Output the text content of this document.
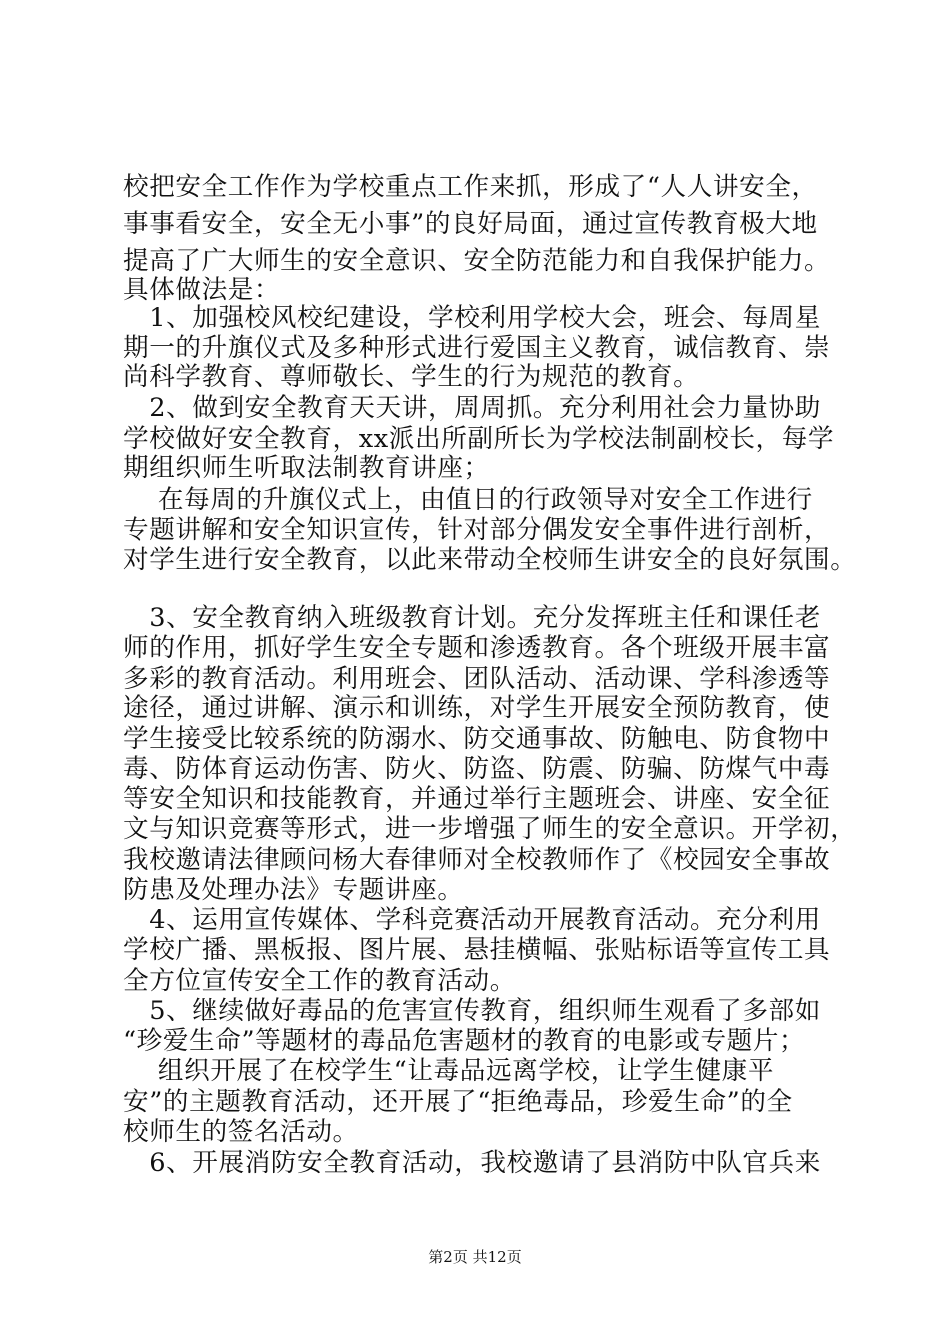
校把安全工作作为学校重点工作来抓，形成了“人人讲安全，
事事看安全，安全无小事”的良好局面，通过宣传教育极大地
提高了广大师生的安全意识、安全防范能力和自我保护能力。
具体做法是：
　1、加强校风校纪建设，学校利用学校大会，班会、每周星
期一的升旗仪式及多种形式进行爱国主义教育，诚信教育、崇
尚科学教育、尊师敬长、学生的行为规范的教育。
　2、做到安全教育天天讲，周周抓。充分利用社会力量协助
学校做好安全教育，xx派出所副所长为学校法制副校长，每学
期组织师生听取法制教育讲座；
　 在每周的升旗仪式上，由值日的行政领导对安全工作进行
专题讲解和安全知识宣传，针对部分偶发安全事件进行剖析，
对学生进行安全教育，以此来带动全校师生讲安全的良好氛围。
　3、安全教育纳入班级教育计划。充分发挥班主任和课任老
师的作用，抓好学生安全专题和渗透教育。各个班级开展丰富
多彩的教育活动。利用班会、团队活动、活动课、学科渗透等
途径，通过讲解、演示和训练，对学生开展安全预防教育，使
学生接受比较系统的防溺水、防交通事故、防触电、防食物中
毒、防体育运动伤害、防火、防盗、防震、防骗、防煤气中毒
等安全知识和技能教育，并通过举行主题班会、讲座、安全征
文与知识竞赛等形式，进一步增强了师生的安全意识。开学初，
我校邀请法律顾问杨大春律师对全校教师作了《校园安全事故
防患及处理办法》专题讲座。
　4、运用宣传媒体、学科竞赛活动开展教育活动。充分利用
学校广播、黑板报、图片展、悬挂横幅、张贴标语等宣传工具
全方位宣传安全工作的教育活动。
　5、继续做好毒品的危害宣传教育，组织师生观看了多部如
“珍爱生命”等题材的毒品危害题材的教育的电影或专题片；
　 组织开展了在校学生“让毒品远离学校，让学生健康平
安”的主题教育活动，还开展了“拒绝毒品，珍爱生命”的全
校师生的签名活动。
　6、开展消防安全教育活动，我校邀请了县消防中队官兵来
第2页 共12页
